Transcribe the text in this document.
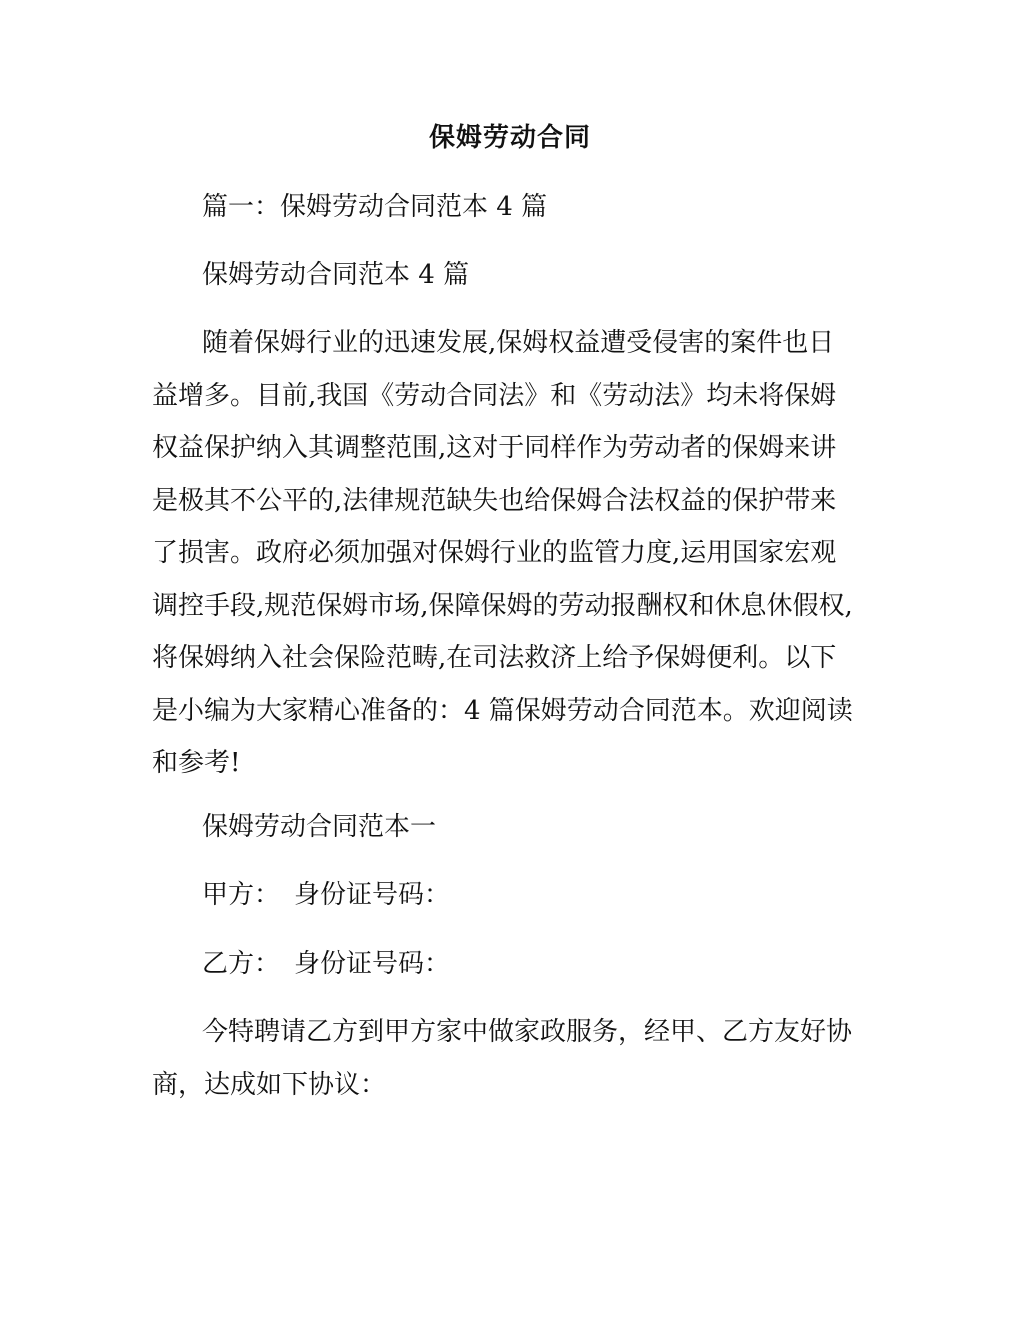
保姆劳动合同
篇一：保姆劳动合同范本 4 篇
保姆劳动合同范本 4 篇
随着保姆行业的迅速发展,保姆权益遭受侵害的案件也日
益增多。目前,我国《劳动合同法》和《劳动法》均未将保姆
权益保护纳入其调整范围,这对于同样作为劳动者的保姆来讲
是极其不公平的,法律规范缺失也给保姆合法权益的保护带来
了损害。政府必须加强对保姆行业的监管力度,运用国家宏观
调控手段,规范保姆市场,保障保姆的劳动报酬权和休息休假权,
将保姆纳入社会保险范畴,在司法救济上给予保姆便利。以下
是小编为大家精心准备的：4 篇保姆劳动合同范本。欢迎阅读
和参考!
保姆劳动合同范本一
甲方： 身份证号码：
乙方： 身份证号码：
今特聘请乙方到甲方家中做家政服务，经甲、乙方友好协
商，达成如下协议：
